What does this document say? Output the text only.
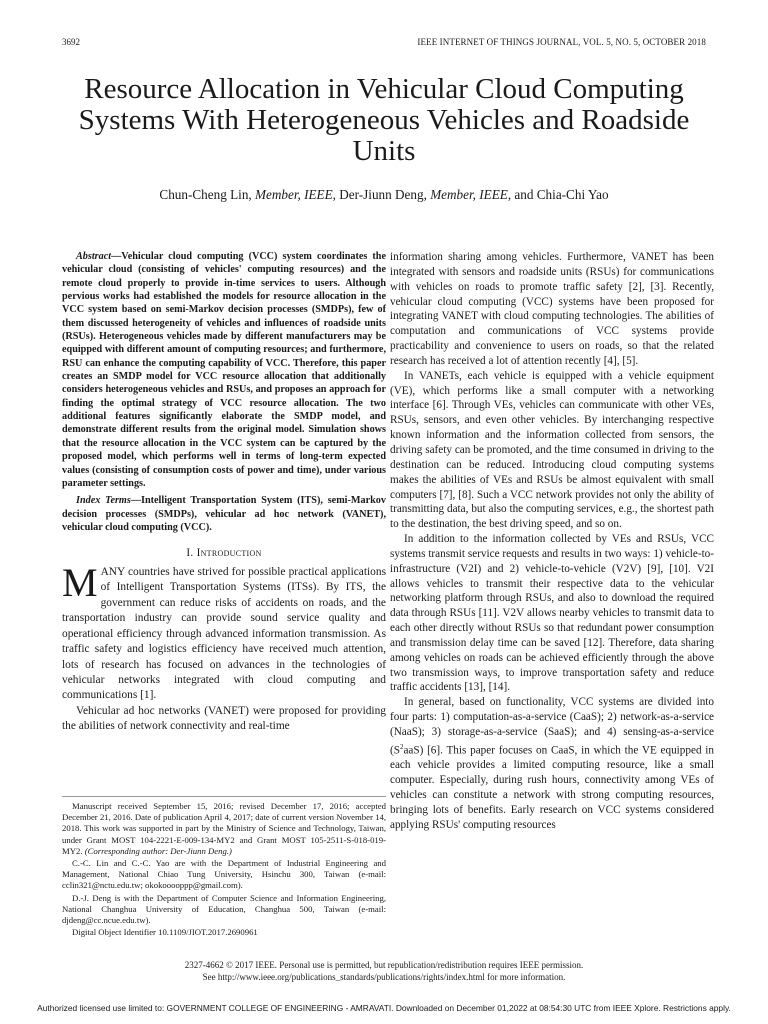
3692	IEEE INTERNET OF THINGS JOURNAL, VOL. 5, NO. 5, OCTOBER 2018
Resource Allocation in Vehicular Cloud Computing Systems With Heterogeneous Vehicles and Roadside Units
Chun-Cheng Lin, Member, IEEE, Der-Jiunn Deng, Member, IEEE, and Chia-Chi Yao

Abstract—Vehicular cloud computing (VCC) system coordinates the vehicular cloud (consisting of vehicles' computing resources) and the remote cloud properly to provide in-time services to users. Although pervious works had established the models for resource allocation in the VCC system based on semi-Markov decision processes (SMDPs), few of them discussed heterogeneity of vehicles and influences of roadside units (RSUs). Heterogeneous vehicles made by different manufacturers may be equipped with different amount of computing resources; and furthermore, RSU can enhance the computing capability of VCC. Therefore, this paper creates an SMDP model for VCC resource allocation that additionally considers heterogeneous vehicles and RSUs, and proposes an approach for finding the optimal strategy of VCC resource allocation. The two additional features significantly elaborate the SMDP model, and demonstrate different results from the original model. Simulation shows that the resource allocation in the VCC system can be captured by the proposed model, which performs well in terms of long-term expected values (consisting of consumption costs of power and time), under various parameter settings.

Index Terms—Intelligent Transportation System (ITS), semi-Markov decision processes (SMDPs), vehicular ad hoc network (VANET), vehicular cloud computing (VCC).

I. Introduction

MANY countries have strived for possible practical applications of Intelligent Transportation Systems (ITSs). By ITS, the government can reduce risks of accidents on roads, and the transportation industry can provide sound service quality and operational efficiency through advanced information transmission. As traffic safety and logistics efficiency have received much attention, lots of research has focused on advances in the technologies of vehicular networks integrated with cloud computing and communications [1].

Vehicular ad hoc networks (VANET) were proposed for providing the abilities of network connectivity and real-time

Manuscript received September 15, 2016; revised December 17, 2016; accepted December 21, 2016. Date of publication April 4, 2017; date of current version November 14, 2018. This work was supported in part by the Ministry of Science and Technology, Taiwan, under Grant MOST 104-2221-E-009-134-MY2 and Grant MOST 105-2511-S-018-019-MY2. (Corresponding author: Der-Jiunn Deng.)

C.-C. Lin and C.-C. Yao are with the Department of Industrial Engineering and Management, National Chiao Tung University, Hsinchu 300, Taiwan (e-mail: cclin321@nctu.edu.tw; okokooooppp@gmail.com).

D.-J. Deng is with the Department of Computer Science and Information Engineering, National Changhua University of Education, Changhua 500, Taiwan (e-mail: djdeng@cc.ncue.edu.tw).

Digital Object Identifier 10.1109/JIOT.2017.2690961

information sharing among vehicles. Furthermore, VANET has been integrated with sensors and roadside units (RSUs) for communications with vehicles on roads to promote traffic safety [2], [3]. Recently, vehicular cloud computing (VCC) systems have been proposed for integrating VANET with cloud computing technologies. The abilities of computation and communications of VCC systems provide practicability and convenience to users on roads, so that the related research has received a lot of attention recently [4], [5].

In VANETs, each vehicle is equipped with a vehicle equipment (VE), which performs like a small computer with a networking interface [6]. Through VEs, vehicles can communicate with other VEs, RSUs, sensors, and even other vehicles. By interchanging respective known information and the information collected from sensors, the driving safety can be promoted, and the time consumed in driving to the destination can be reduced. Introducing cloud computing systems makes the abilities of VEs and RSUs be almost equivalent with small computers [7], [8]. Such a VCC network provides not only the ability of transmitting data, but also the computing services, e.g., the shortest path to the destination, the best driving speed, and so on.

In addition to the information collected by VEs and RSUs, VCC systems transmit service requests and results in two ways: 1) vehicle-to-infrastructure (V2I) and 2) vehicle-to-vehicle (V2V) [9], [10]. V2I allows vehicles to transmit their respective data to the vehicular networking platform through RSUs, and also to download the required data through RSUs [11]. V2V allows nearby vehicles to transmit data to each other directly without RSUs so that redundant power consumption and transmission delay time can be saved [12]. Therefore, data sharing among vehicles on roads can be achieved efficiently through the above two transmission ways, to improve transportation safety and reduce traffic accidents [13], [14].

In general, based on functionality, VCC systems are divided into four parts: 1) computation-as-a-service (CaaS); 2) network-as-a-service (NaaS); 3) storage-as-a-service (SaaS); and 4) sensing-as-a-service $(S^2aaS)$ [6]. This paper focuses on CaaS, in which the VE equipped in each vehicle provides a limited computing resource, like a small computer. Especially, during rush hours, connectivity among VEs of vehicles can constitute a network with strong computing resources, bringing lots of benefits. Early research on VCC systems considered applying RSUs' computing resources

2327-4662 © 2017 IEEE. Personal use is permitted, but republication/redistribution requires IEEE permission.
See http://www.ieee.org/publications_standards/publications/rights/index.html for more information.
Authorized licensed use limited to: GOVERNMENT COLLEGE OF ENGINEERING - AMRAVATI. Downloaded on December 01,2022 at 08:54:30 UTC from IEEE Xplore. Restrictions apply.
